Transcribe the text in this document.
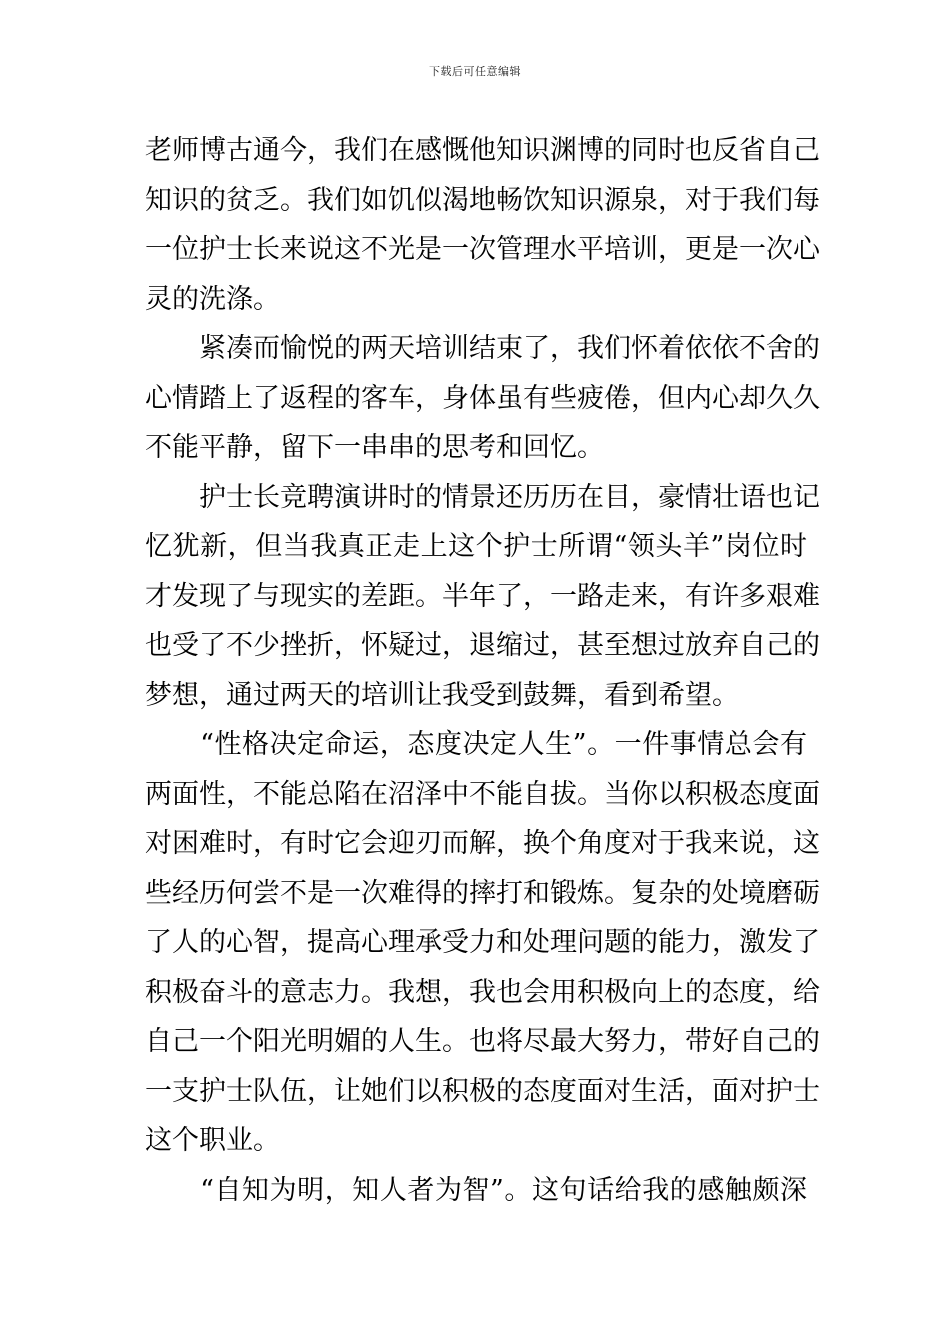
下载后可任意编辑
老师博古通今，我们在感慨他知识渊博的同时也反省自己
知识的贫乏。我们如饥似渴地畅饮知识源泉，对于我们每
一位护士长来说这不光是一次管理水平培训，更是一次心
灵的洗涤。
　　紧凑而愉悦的两天培训结束了，我们怀着依依不舍的
心情踏上了返程的客车，身体虽有些疲倦，但内心却久久
不能平静，留下一串串的思考和回忆。
　　护士长竞聘演讲时的情景还历历在目，豪情壮语也记
忆犹新，但当我真正走上这个护士所谓“领头羊”岗位时
才发现了与现实的差距。半年了，一路走来，有许多艰难
也受了不少挫折，怀疑过，退缩过，甚至想过放弃自己的
梦想，通过两天的培训让我受到鼓舞，看到希望。
　　“性格决定命运，态度决定人生”。一件事情总会有
两面性，不能总陷在沼泽中不能自拔。当你以积极态度面
对困难时，有时它会迎刃而解，换个角度对于我来说，这
些经历何尝不是一次难得的摔打和锻炼。复杂的处境磨砺
了人的心智，提高心理承受力和处理问题的能力，激发了
积极奋斗的意志力。我想，我也会用积极向上的态度，给
自己一个阳光明媚的人生。也将尽最大努力，带好自己的
一支护士队伍，让她们以积极的态度面对生活，面对护士
这个职业。
　　“自知为明，知人者为智”。这句话给我的感触颇深
